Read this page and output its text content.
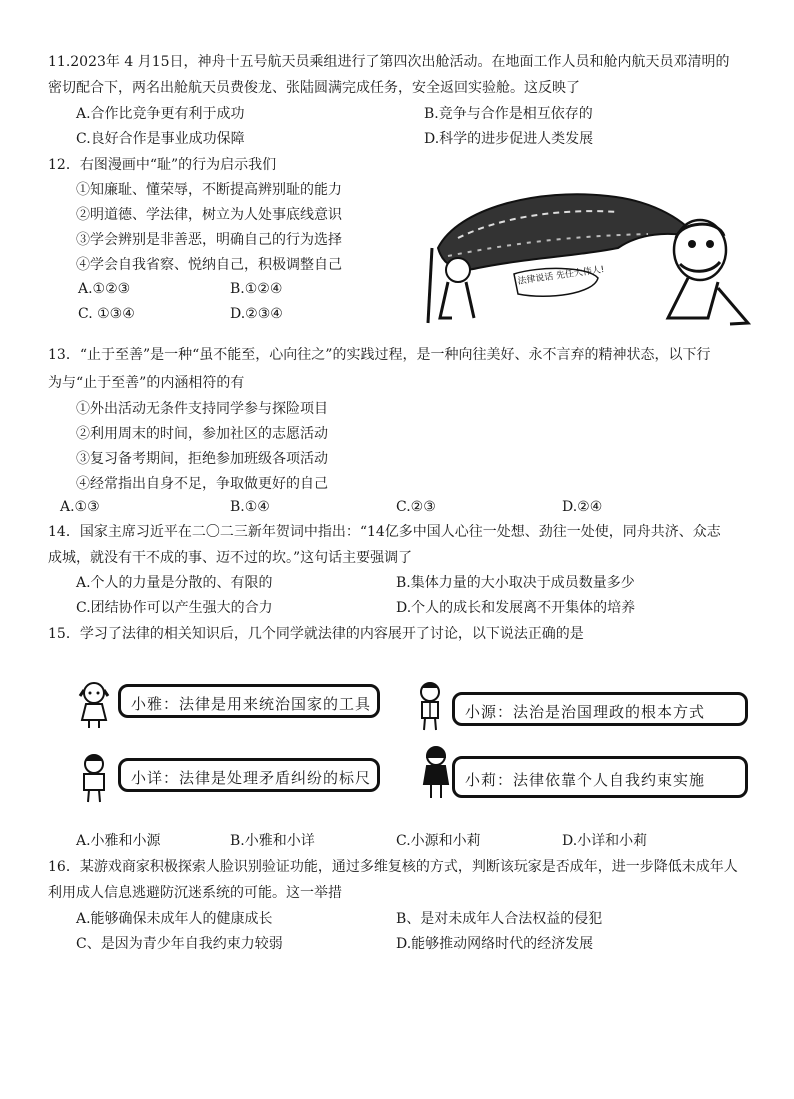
11.2023年 4 月15日，神舟十五号航天员乘组进行了第四次出舱活动。在地面工作人员和舱内航天员邓清明的
密切配合下，两名出舱航天员费俊龙、张陆圆满完成任务，安全返回实验舱。这反映了
A.合作比竞争更有利于成功	B.竞争与合作是相互依存的
C.良好合作是事业成功保障	D.科学的进步促进人类发展
12．右图漫画中“耻”的行为启示我们
①知廉耻、懂荣辱，不断提高辨别耻的能力
②明道德、学法律，树立为人处事底线意识
③学会辨别是非善恶，明确自己的行为选择
④学会自我省察、悦纳自己，积极调整自己
A.①②③	B.①②④
C. ①③④	D.②③④
法律说话 先任大伟人!
13．“止于至善”是一种“虽不能至，心向往之”的实践过程，是一种向往美好、永不言弃的精神状态，以下行
为与“止于至善”的内涵相符的有
①外出活动无条件支持同学参与探险项目
②利用周末的时间，参加社区的志愿活动
③复习备考期间，拒绝参加班级各项活动
④经常指出自身不足，争取做更好的自己
A.①③	B.①④	C.②③	D.②④
14．国家主席习近平在二〇二三新年贺词中指出：“14亿多中国人心往一处想、劲往一处使，同舟共济、众志
成城，就没有干不成的事、迈不过的坎。”这句话主要强调了
A.个人的力量是分散的、有限的	B.集体力量的大小取决于成员数量多少
C.团结协作可以产生强大的合力	D.个人的成长和发展离不开集体的培养
15．学习了法律的相关知识后，几个同学就法律的内容展开了讨论，以下说法正确的是
小雅：法律是用来统治国家的工具	小源：法治是治国理政的根本方式
小详：法律是处理矛盾纠纷的标尺	小莉：法律依靠个人自我约束实施
A.小雅和小源	B.小雅和小详	C.小源和小莉	D.小详和小莉
16．某游戏商家积极探索人脸识别验证功能，通过多维复核的方式，判断该玩家是否成年，进一步降低未成年人
利用成人信息逃避防沉迷系统的可能。这一举措
A.能够确保未成年人的健康成长	B、是对未成年人合法权益的侵犯
C、是因为青少年自我约束力较弱	D.能够推动网络时代的经济发展
